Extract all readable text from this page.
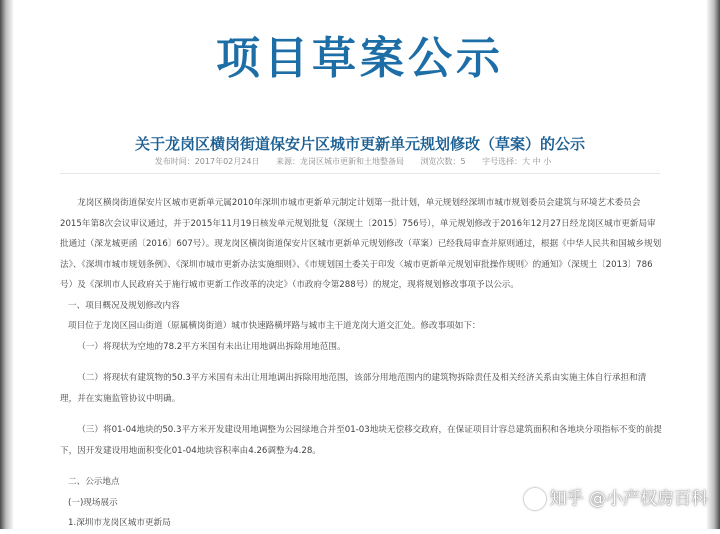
项目草案公示
关于龙岗区横岗街道保安片区城市更新单元规划修改（草案）的公示
发布时间：2017年02月24日 来源：龙岗区城市更新和土地整备局 浏览次数：5 字号选择：大 中 小

龙岗区横岗街道保安片区城市更新单元属2010年深圳市城市更新单元制定计划第一批计划，单元规划经深圳市城市规划委员会建筑与环境艺术委员会2015年第8次会议审议通过，并于2015年11月19日核发单元规划批复（深规土〔2015〕756号），单元规划修改于2016年12月27日经龙岗区城市更新局审批通过（深龙城更函〔2016〕607号）。现龙岗区横岗街道保安片区城市更新单元规划修改（草案）已经我局审查并原则通过，根据《中华人民共和国城乡规划法》、《深圳市城市规划条例》、《深圳市城市更新办法实施细则》、《市规划国土委关于印发〈城市更新单元规划审批操作规则〉的通知》（深规土〔2013〕786号）及《深圳市人民政府关于施行城市更新工作改革的决定》（市政府令第288号）的规定，现将规划修改事项予以公示。

一、项目概况及规划修改内容

项目位于龙岗区园山街道（原属横岗街道）城市快速路横坪路与城市主干道龙岗大道交汇处。修改事项如下：

（一）将现状为空地的78.2平方米国有未出让用地调出拆除用地范围。

（二）将现状有建筑物的50.3平方米国有未出让用地调出拆除用地范围，该部分用地范围内的建筑物拆除责任及相关经济关系由实施主体自行承担和清理，并在实施监管协议中明确。

（三）将01-04地块的50.3平方米开发建设用地调整为公园绿地合并至01-03地块无偿移交政府，在保证项目计容总建筑面积和各地块分项指标不变的前提下，因开发建设用地面积变化01-04地块容积率由4.26调整为4.28。

二、公示地点

(一)现场展示

1.深圳市龙岗区城市更新局

知乎 @小产权房百科
